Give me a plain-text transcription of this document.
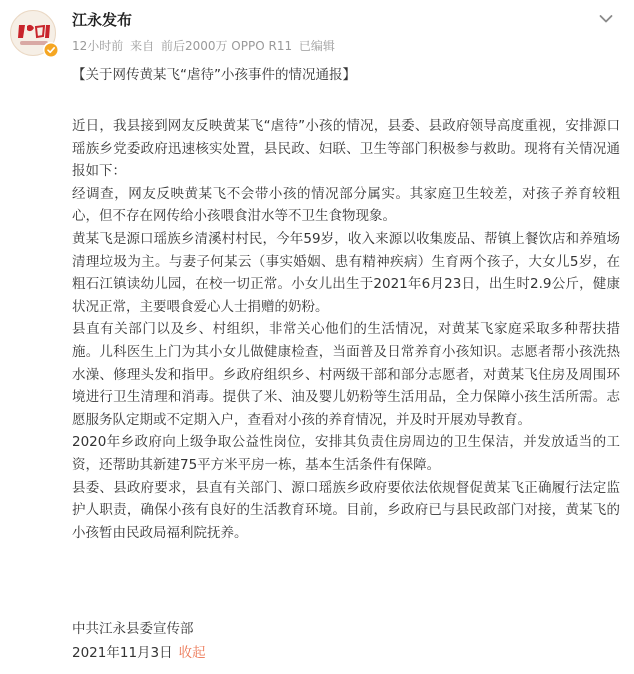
江永发布
12小时前 来自 前后2000万 OPPO R11 已编辑
【关于网传黄某飞“虐待”小孩事件的情况通报】

近日，我县接到网友反映黄某飞“虐待”小孩的情况，县委、县政府领导高度重视，安排源口瑶族乡党委政府迅速核实处置，县民政、妇联、卫生等部门积极参与救助。现将有关情况通报如下：

经调查，网友反映黄某飞不会带小孩的情况部分属实。其家庭卫生较差，对孩子养育较粗心，但不存在网传给小孩喂食泔水等不卫生食物现象。

黄某飞是源口瑶族乡清溪村村民，今年59岁，收入来源以收集废品、帮镇上餐饮店和养殖场清理垃圾为主。与妻子何某云（事实婚姻、患有精神疾病）生育两个孩子，大女儿5岁，在粗石江镇读幼儿园，在校一切正常。小女儿出生于2021年6月23日，出生时2.9公斤，健康状况正常，主要喂食爱心人士捐赠的奶粉。

县直有关部门以及乡、村组织，非常关心他们的生活情况，对黄某飞家庭采取多种帮扶措施。儿科医生上门为其小女儿做健康检查，当面普及日常养育小孩知识。志愿者帮小孩洗热水澡、修理头发和指甲。乡政府组织乡、村两级干部和部分志愿者，对黄某飞住房及周围环境进行卫生清理和消毒。提供了米、油及婴儿奶粉等生活用品，全力保障小孩生活所需。志愿服务队定期或不定期入户，查看对小孩的养育情况，并及时开展劝导教育。

2020年乡政府向上级争取公益性岗位，安排其负责住房周边的卫生保洁，并发放适当的工资，还帮助其新建75平方米平房一栋，基本生活条件有保障。

县委、县政府要求，县直有关部门、源口瑶族乡政府要依法依规督促黄某飞正确履行法定监护人职责，确保小孩有良好的生活教育环境。目前，乡政府已与县民政部门对接，黄某飞的小孩暂由民政局福利院抚养。

中共江永县委宣传部
2021年11月3日 收起
